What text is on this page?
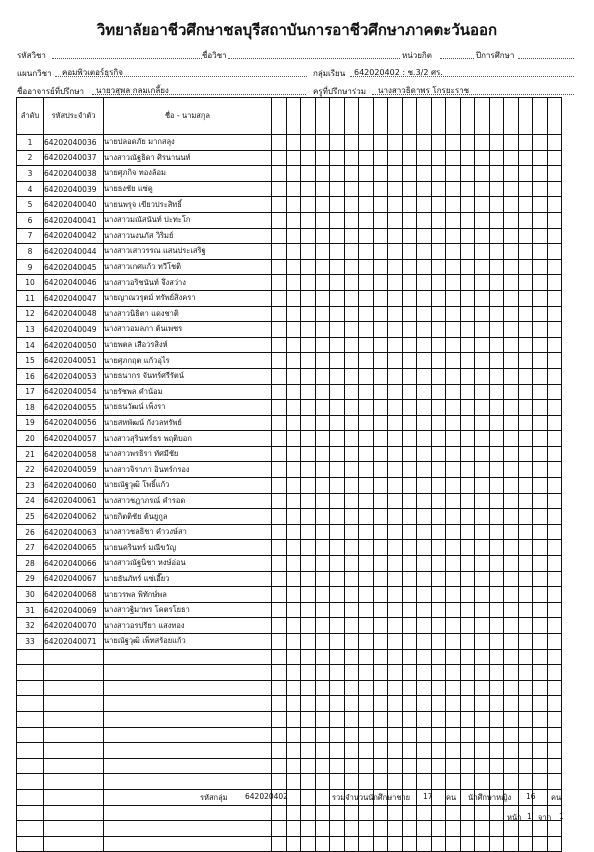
วิทยาลัยอาชีวศึกษาชลบุรีสถาบันการอาชีวศึกษาภาคตะวันออก
รหัสวิชา	ชื่อวิชา	หน่วยกิต	ปีการศึกษา
แผนกวิชา คอมพิวเตอร์ธุรกิจ	กลุ่มเรียน 642020402 : ช.3/2 ศร.
ชื่ออาจารย์ที่ปรึกษา นายวสุพล กลมเกลี้ยง	ครูที่ปรึกษาร่วม นางสาวธิดาพร โกรยะราช
ลำดับ	รหัสประจำตัว	ชื่อ - นามสกุล																				
1	64202040036	นายปลอดภัย มากสลุง																				
2	64202040037	นางสาวณัฐธิดา ศิรนานนท์																				
3	64202040038	นายศุภกิจ ทองล้อม																				
4	64202040039	นายธงชัย แซ่คู																				
5	64202040040	นายนพรุจ เขียวประสิทธิ์																				
6	64202040041	นางสาวมณัสนันท์ ปะทะโก																				
7	64202040042	นางสาวนงนภัส วิริมย์																				
8	64202040044	นางสาวเสาวรรณ แสนประเสริฐ																				
9	64202040045	นางสาวเกศแก้ว ทวีโชติ																				
10	64202040046	นางสาวอริชนันท์ จึงสว่าง																				
11	64202040047	นายญาณวรุตม์ ทรัพย์สิงครา																				
12	64202040048	นางสาวนิธิตา แดงชาติ																				
13	64202040049	นางสาวอมลภา ต้นเพชร																				
14	64202040050	นายพตล เสือวรสิงห์																				
15	64202040051	นายศุภกฤต แก้วอุไร																				
16	64202040053	นายธนากร จันทร์ศรีรัตน์																				
17	64202040054	นายรัชพล คำน้อม																				
18	64202040055	นายธนวัฒน์ เพ็งรา																				
19	64202040056	นายสหพัฒน์ กังวลทรัพย์																				
20	64202040057	นางสาวสุรินทร์ธร พฤติบอก																				
21	64202040058	นางสาวพรธิรา ทัศมีชัย																				
22	64202040059	นางสาวจิราภา อินทร์กรอง																				
23	64202040060	นายณัฐวุฒิ โพธิ์แก้ว																				
24	64202040061	นางสาวชฎาภรณ์ คำรอด																				
25	64202040062	นายกิตติชัย ต้นยูกูล																				
26	64202040063	นางสาวชลธิชา คำวงษ์สา																				
27	64202040065	นายนครินทร์ มณีขวัญ																				
28	64202040066	นางสาวณัฐนิชา หงษ์อ่อน																				
29	64202040067	นายธันภัทร์ แซ่เอี๊ยว																				
30	64202040068	นายวรพล พิทักษ์พล																				
31	64202040069	นางสาวฐิมาพร โคตรโยธา																				
32	64202040070	นางสาวอรปรียา แสงทอง																				
33	64202040071	นายณัฐวุฒิ เพ็ทสร้อยแก้ว																				

รหัสกลุ่ม 642020402	รวมจำนวนนักศึกษาชาย 17 คน นักศึกษาหญิง 16 คน
หน้า 1 จาก 1
